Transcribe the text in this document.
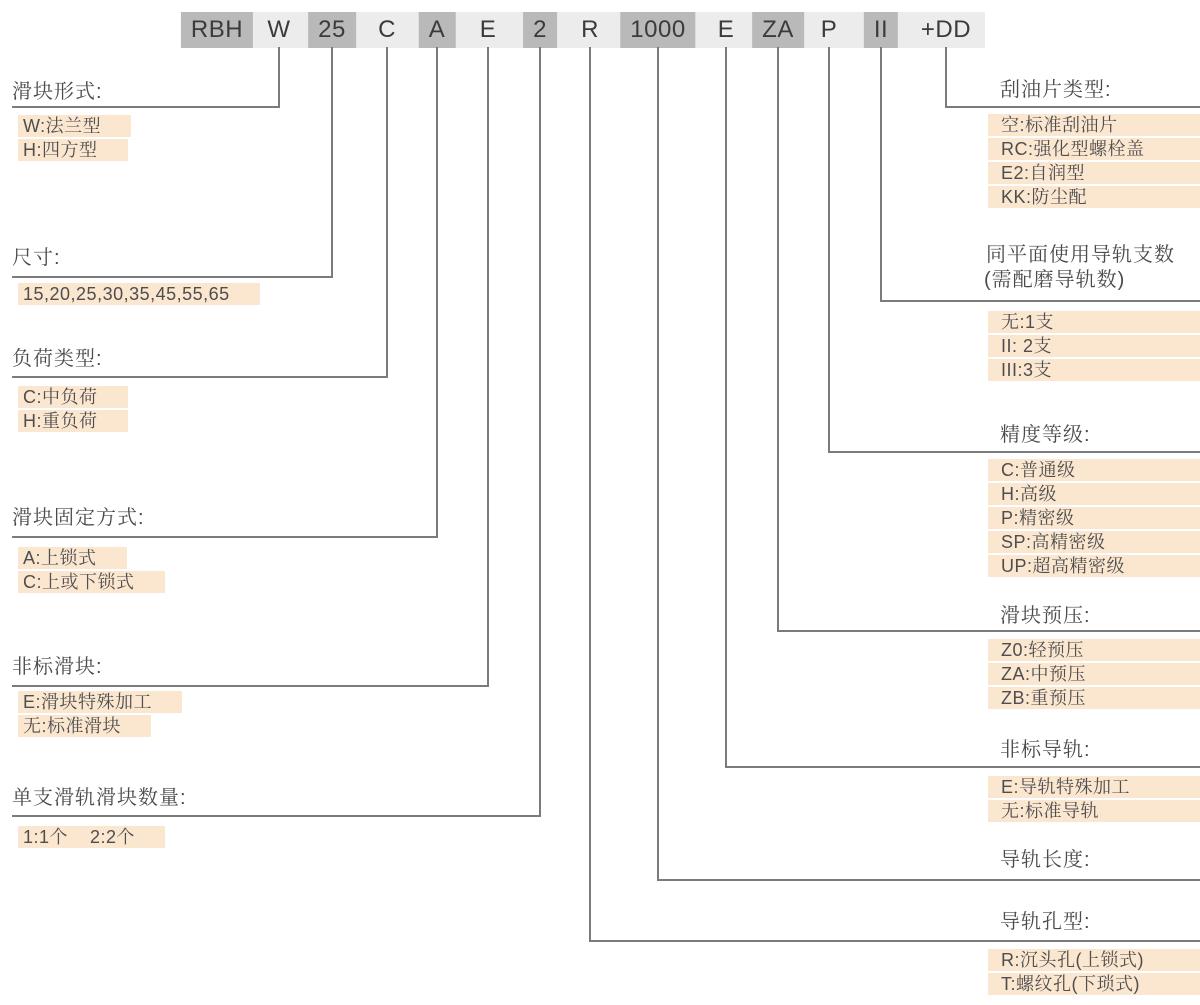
RBH	W	25	C	A	E	2	R	1000	E	ZA	P	II	+DD
滑块形式:
W:法兰型
H:四方型
尺寸:
15,20,25,30,35,45,55,65
负荷类型:
C:中负荷
H:重负荷
滑块固定方式:
A:上锁式
C:上或下锁式
非标滑块:
E:滑块特殊加工
无:标准滑块
单支滑轨滑块数量:
1:1个    2:2个
刮油片类型:
空:标准刮油片
RC:强化型螺栓盖
E2:自润型
KK:防尘配
同平面使用导轨支数
(需配磨导轨数)
无:1支
II: 2支
III:3支
精度等级:
C:普通级
H:高级
P:精密级
SP:高精密级
UP:超高精密级
滑块预压:
Z0:轻预压
ZA:中预压
ZB:重预压
非标导轨:
E:导轨特殊加工
无:标准导轨
导轨长度:
导轨孔型:
R:沉头孔(上锁式)
T:螺纹孔(下琐式)
